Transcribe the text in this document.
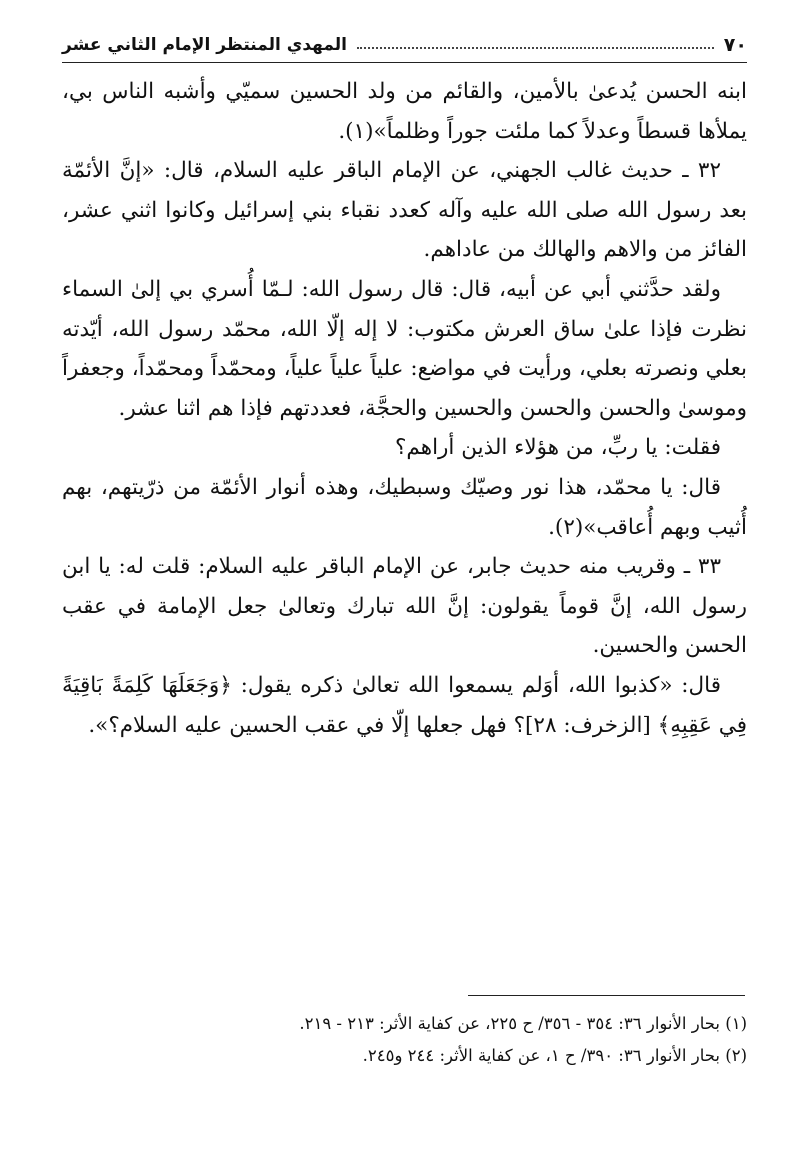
٧٠
المهدي المنتظر الإمام الثاني عشر

ابنه الحسن يُدعىٰ بالأمين، والقائم من ولد الحسين سميّي وأشبه الناس بي، يملأها قسطاً وعدلاً كما ملئت جوراً وظلماً»(١).

٣٢ ـ حديث غالب الجهني، عن الإمام الباقر عليه السلام، قال: «إنَّ الأئمّة بعد رسول الله صلى الله عليه وآله كعدد نقباء بني إسرائيل وكانوا اثني عشر، الفائز من والاهم والهالك من عاداهم.

ولقد حدَّثني أبي عن أبيه، قال: قال رسول الله: لـمّا أُسري بي إلىٰ السماء نظرت فإذا علىٰ ساق العرش مكتوب: لا إله إلّا الله، محمّد رسول الله، أيّدته بعلي ونصرته بعلي، ورأيت في مواضع: علياً علياً علياً، ومحمّداً ومحمّداً، وجعفراً وموسىٰ والحسن والحسن والحسين والحجَّة، فعددتهم فإذا هم اثنا عشر.

فقلت: يا ربِّ، من هؤلاء الذين أراهم؟

قال: يا محمّد، هذا نور وصيّك وسبطيك، وهذه أنوار الأئمّة من ذرّيتهم، بهم أُثيب وبهم أُعاقب»(٢).

٣٣ ـ وقريب منه حديث جابر، عن الإمام الباقر عليه السلام: قلت له: يا ابن رسول الله، إنَّ قوماً يقولون: إنَّ الله تبارك وتعالىٰ جعل الإمامة في عقب الحسن والحسين.

قال: «كذبوا الله، أوَلم يسمعوا الله تعالىٰ ذكره يقول: ﴿وَجَعَلَهَا كَلِمَةً بَاقِيَةً فِي عَقِبِهِ﴾ [الزخرف: ٢٨]؟ فهل جعلها إلّا في عقب الحسين عليه السلام؟».

(١) بحار الأنوار ٣٦: ٣٥٤ - ٣٥٦/ ح ٢٢٥، عن كفاية الأثر: ٢١٣ - ٢١٩.

(٢) بحار الأنوار ٣٦: ٣٩٠/ ح ١، عن كفاية الأثر: ٢٤٤ و٢٤٥.
